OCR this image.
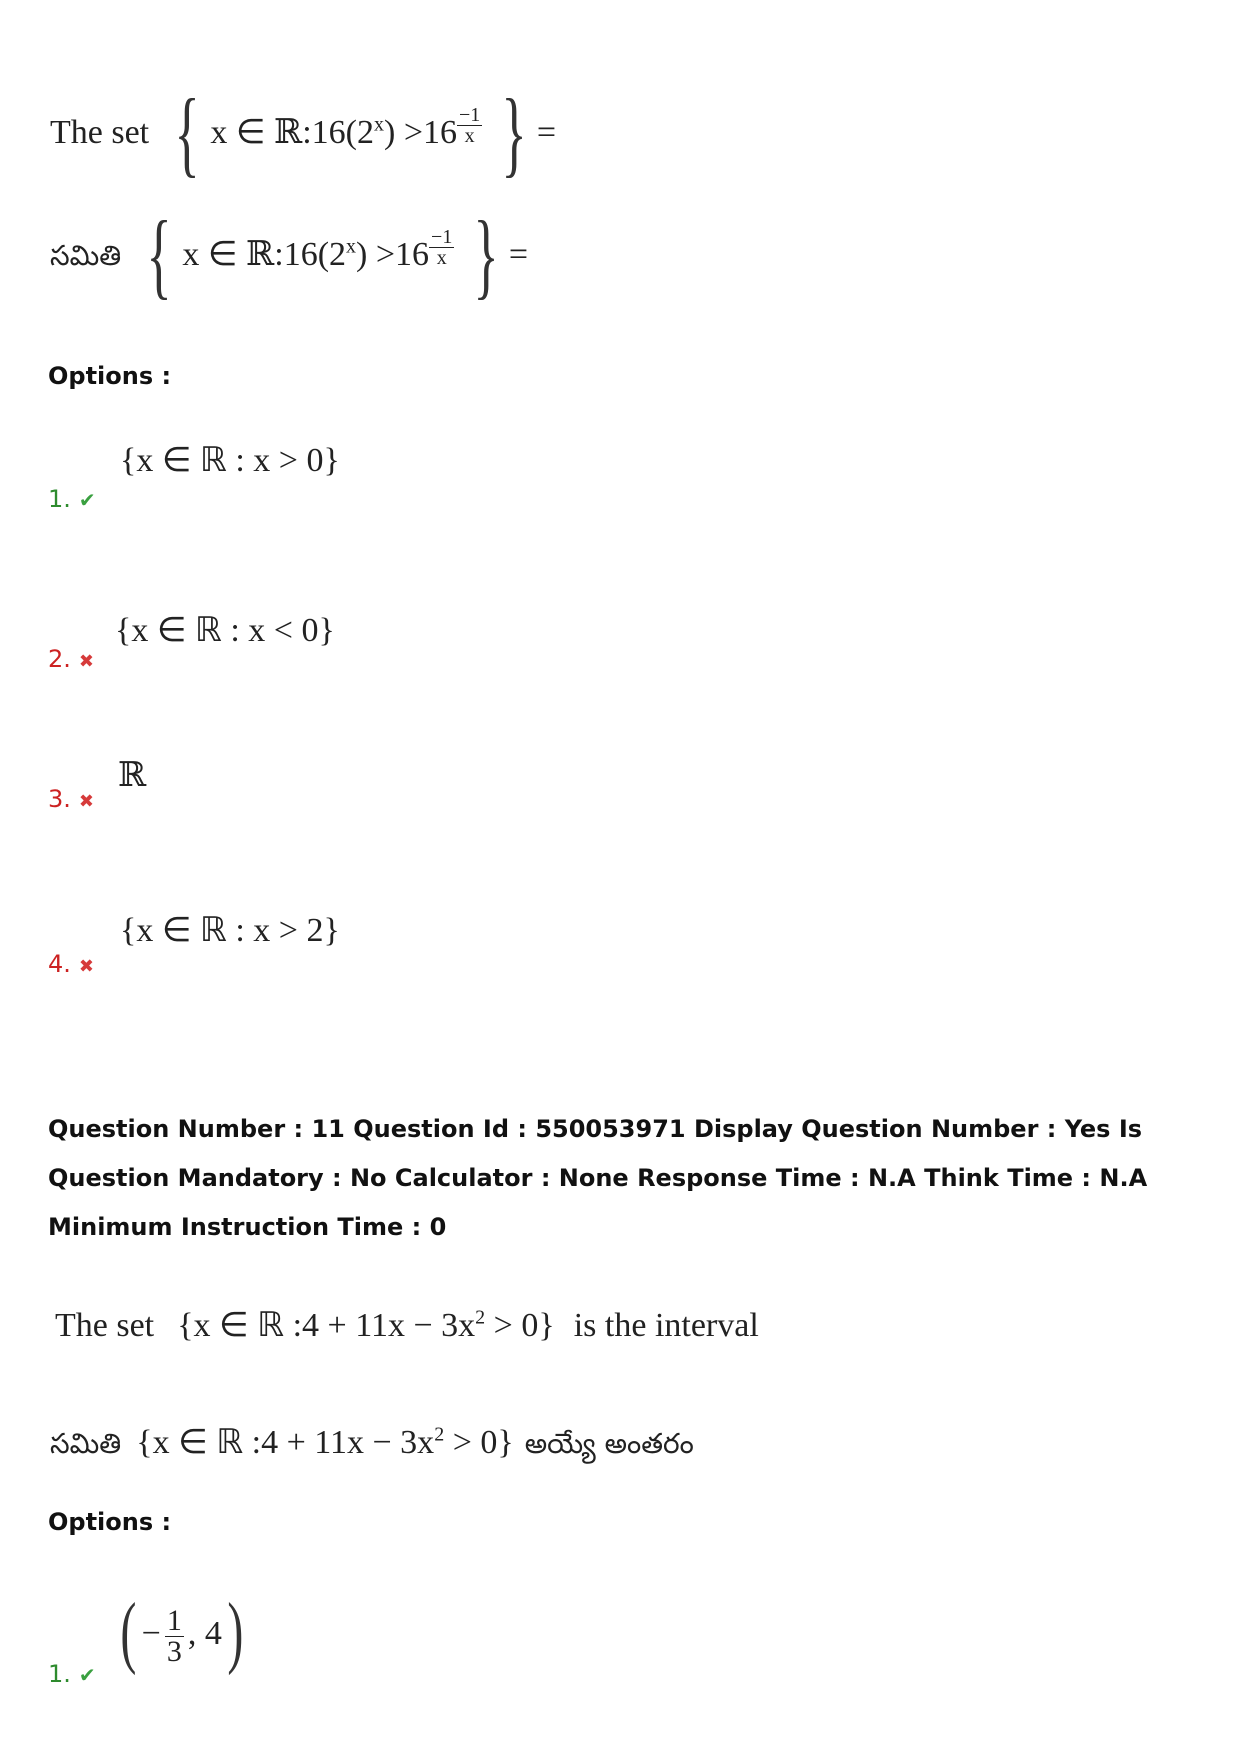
The set { x ∈ $ℝ:16(2^x) >16 \frac{-1}{x}$ } =
సమితి { x ∈ $ℝ:16(2^x) >16 \frac{-1}{x}$ } =
Options :
1. ✔
{x ∈ ℝ : x > 0}
2. ✖
{x ∈ ℝ : x < 0}
3. ✖
ℝ
4. ✖
{x ∈ ℝ : x > 2}
Question Number : 11 Question Id : 550053971 Display Question Number : Yes Is Question Mandatory : No Calculator : None Response Time : N.A Think Time : N.A Minimum Instruction Time : 0
The set {x ∈ ℝ :4 + $11x - 3x^2 > 0$} is the interval
సమితి {x ∈ ℝ :4 + $11x - 3x^2 > 0$} అయ్యే అంతరం
Options :
1. ✔ ( − $\frac{1}{3}$ , 4)
